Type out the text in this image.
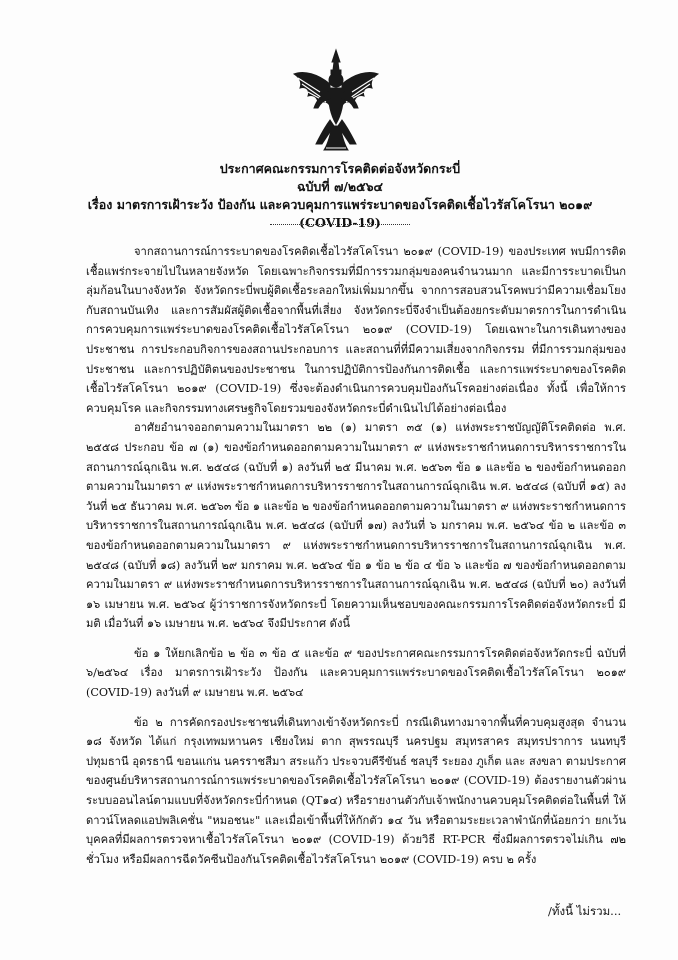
ประกาศคณะกรรมการโรคติดต่อจังหวัดกระบี่
ฉบับที่ ๗/๒๕๖๔
เรื่อง มาตรการเฝ้าระวัง ป้องกัน และควบคุมการแพร่ระบาดของโรคติดเชื้อไวรัสโคโรนา ๒๐๑๙ (COVID-19)

จากสถานการณ์การระบาดของโรคติดเชื้อไวรัสโคโรนา ๒๐๑๙ (COVID-19) ของประเทศ พบมีการติดเชื้อแพร่กระจายไปในหลายจังหวัด โดยเฉพาะกิจกรรมที่มีการรวมกลุ่มของคนจำนวนมาก และมีการระบาดเป็นกลุ่มก้อนในบางจังหวัด จังหวัดกระบี่พบผู้ติดเชื้อระลอกใหม่เพิ่มมากขึ้น จากการสอบสวนโรคพบว่ามีความเชื่อมโยงกับสถานบันเทิง และการสัมผัสผู้ติดเชื้อจากพื้นที่เสี่ยง จังหวัดกระบี่จึงจำเป็นต้องยกระดับมาตรการในการดำเนินการควบคุมการแพร่ระบาดของโรคติดเชื้อไวรัสโคโรนา ๒๐๑๙ (COVID-19) โดยเฉพาะในการเดินทางของประชาชน การประกอบกิจการของสถานประกอบการ และสถานที่ที่มีความเสี่ยงจากกิจกรรม ที่มีการรวมกลุ่มของประชาชน และการปฏิบัติตนของประชาชน ในการปฏิบัติการป้องกันการติดเชื้อ และการแพร่ระบาดของโรคติดเชื้อไวรัสโคโรนา ๒๐๑๙ (COVID-19) ซึ่งจะต้องดำเนินการควบคุมป้องกันโรคอย่างต่อเนื่อง ทั้งนี้ เพื่อให้การควบคุมโรค และกิจกรรมทางเศรษฐกิจโดยรวมของจังหวัดกระบี่ดำเนินไปได้อย่างต่อเนื่อง

อาศัยอำนาจออกตามความในมาตรา ๒๒ (๑) มาตรา ๓๕ (๑) แห่งพระราชบัญญัติโรคติดต่อ พ.ศ. ๒๕๕๘ ประกอบ ข้อ ๗ (๑) ของข้อกำหนดออกตามความในมาตรา ๙ แห่งพระราชกำหนดการบริหารราชการในสถานการณ์ฉุกเฉิน พ.ศ. ๒๕๔๘ (ฉบับที่ ๑) ลงวันที่ ๒๕ มีนาคม พ.ศ. ๒๕๖๓ ข้อ ๑ และข้อ ๒ ของข้อกำหนดออกตามความในมาตรา ๙ แห่งพระราชกำหนดการบริหารราชการในสถานการณ์ฉุกเฉิน พ.ศ. ๒๕๔๘ (ฉบับที่ ๑๕) ลงวันที่ ๒๕ ธันวาคม พ.ศ. ๒๕๖๓ ข้อ ๑ และข้อ ๒ ของข้อกำหนดออกตามความในมาตรา ๙ แห่งพระราชกำหนดการบริหารราชการในสถานการณ์ฉุกเฉิน พ.ศ. ๒๕๔๘ (ฉบับที่ ๑๗) ลงวันที่ ๖ มกราคม พ.ศ. ๒๕๖๔ ข้อ ๒ และข้อ ๓ ของข้อกำหนดออกตามความในมาตรา ๙ แห่งพระราชกำหนดการบริหารราชการในสถานการณ์ฉุกเฉิน พ.ศ. ๒๕๔๘ (ฉบับที่ ๑๘) ลงวันที่ ๒๙ มกราคม พ.ศ. ๒๕๖๔ ข้อ ๑ ข้อ ๒ ข้อ ๔ ข้อ ๖ และข้อ ๗ ของข้อกำหนดออกตามความในมาตรา ๙ แห่งพระราชกำหนดการบริหารราชการในสถานการณ์ฉุกเฉิน พ.ศ. ๒๕๔๘ (ฉบับที่ ๒๐) ลงวันที่ ๑๖ เมษายน พ.ศ. ๒๕๖๔ ผู้ว่าราชการจังหวัดกระบี่ โดยความเห็นชอบของคณะกรรมการโรคติดต่อจังหวัดกระบี่ มีมติ เมื่อวันที่ ๑๖ เมษายน พ.ศ. ๒๕๖๔ จึงมีประกาศ ดังนี้

ข้อ ๑ ให้ยกเลิกข้อ ๒ ข้อ ๓ ข้อ ๕ และข้อ ๙ ของประกาศคณะกรรมการโรคติดต่อจังหวัดกระบี่ ฉบับที่ ๖/๒๕๖๔ เรื่อง มาตรการเฝ้าระวัง ป้องกัน และควบคุมการแพร่ระบาดของโรคติดเชื้อไวรัสโคโรนา ๒๐๑๙ (COVID-19) ลงวันที่ ๙ เมษายน พ.ศ. ๒๕๖๔

ข้อ ๒ การคัดกรองประชาชนที่เดินทางเข้าจังหวัดกระบี่ กรณีเดินทางมาจากพื้นที่ควบคุมสูงสุด จำนวน ๑๘ จังหวัด ได้แก่ กรุงเทพมหานคร เชียงใหม่ ตาก สุพรรณบุรี นครปฐม สมุทรสาคร สมุทรปราการ นนทบุรี ปทุมธานี อุดรธานี ขอนแก่น นครราชสีมา สระแก้ว ประจวบคีรีขันธ์ ชลบุรี ระยอง ภูเก็ต และ สงขลา ตามประกาศของศูนย์บริหารสถานการณ์การแพร่ระบาดของโรคติดเชื้อไวรัสโคโรนา ๒๐๑๙ (COVID-19) ต้องรายงานตัวผ่านระบบออนไลน์ตามแบบที่จังหวัดกระบี่กำหนด (QT๑๔) หรือรายงานตัวกับเจ้าพนักงานควบคุมโรคติดต่อในพื้นที่ ให้ดาวน์โหลดแอปพลิเคชั่น "หมอชนะ" และเมื่อเข้าพื้นที่ให้กักตัว ๑๔ วัน หรือตามระยะเวลาพำนักที่น้อยกว่า ยกเว้นบุคคลที่มีผลการตรวจหาเชื้อไวรัสโคโรนา ๒๐๑๙ (COVID-19) ด้วยวิธี RT-PCR ซึ่งมีผลการตรวจไม่เกิน ๗๒ ชั่วโมง หรือมีผลการฉีดวัคซีนป้องกันโรคติดเชื้อไวรัสโคโรนา ๒๐๑๙ (COVID-19) ครบ ๒ ครั้ง

/ทั้งนี้ ไม่รวม...
